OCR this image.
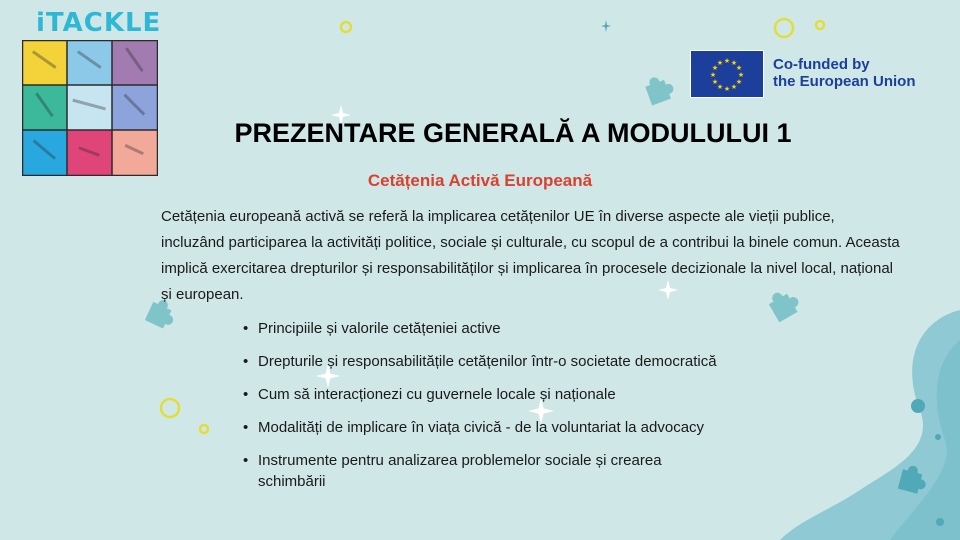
iTACKLE
★ ★
★
★
★
★
★
★
★
★
★
★	Co-funded by
the European Union
PREZENTARE GENERALĂ A MODULULUI 1
Cetățenia Activă Europeană
Cetățenia europeană activă se referă la implicarea cetățenilor UE în diverse aspecte ale vieții publice, incluzând participarea la activități politice, sociale și culturale, cu scopul de a contribui la binele comun. Aceasta implică exercitarea drepturilor și responsabilităților și implicarea în procesele decizionale la nivel local, național și european.
• Principiile și valorile cetățeniei active
• Drepturile și responsabilitățile cetățenilor într-o societate democratică
• Cum să interacționezi cu guvernele locale și naționale
• Modalități de implicare în viața civică - de la voluntariat la advocacy
• Instrumente pentru analizarea problemelor sociale și crearea schimbării
